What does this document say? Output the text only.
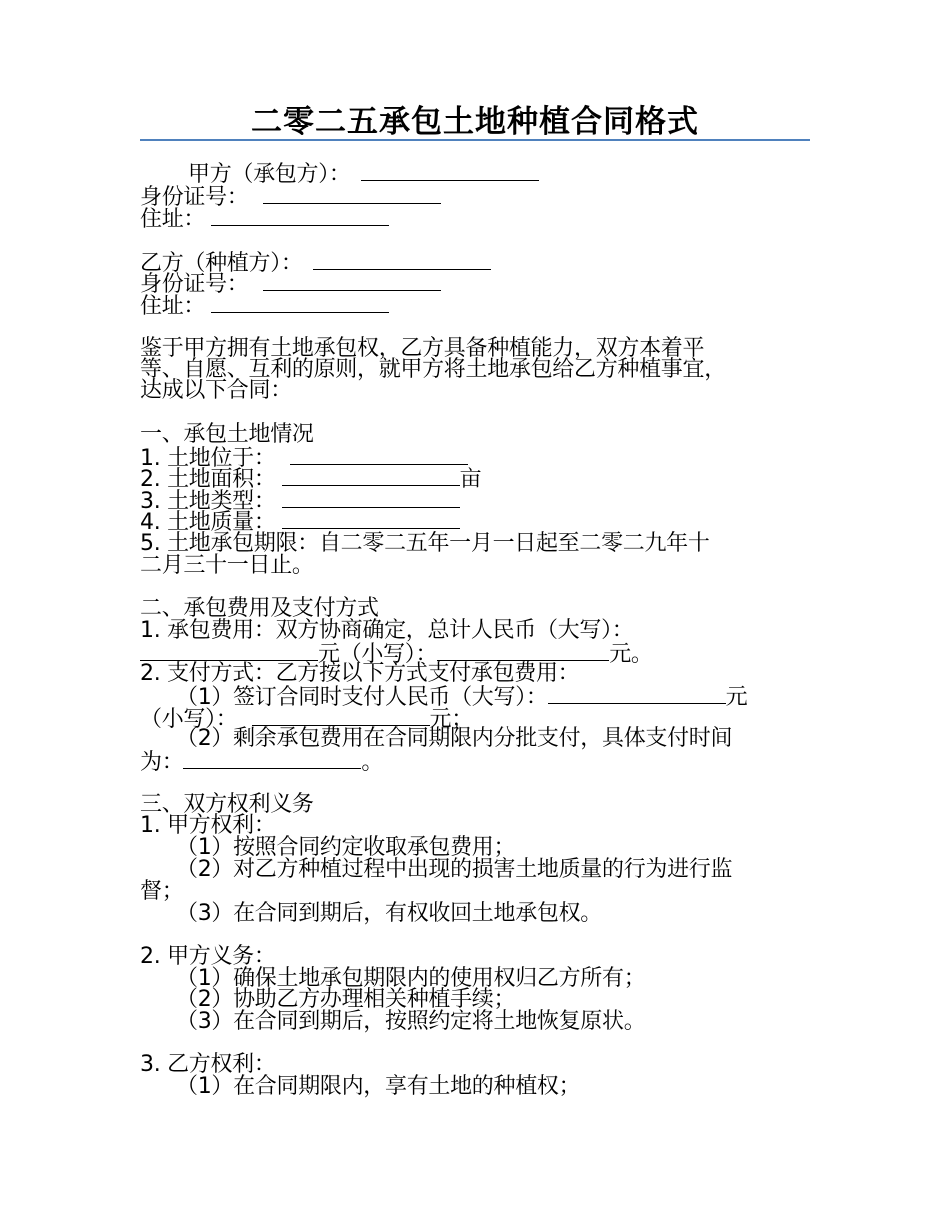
二零二五承包土地种植合同格式
甲方（承包方）：
身份证号：
住址：
乙方（种植方）：
身份证号：
住址：
鉴于甲方拥有土地承包权，乙方具备种植能力，双方本着平
等、自愿、互利的原则，就甲方将土地承包给乙方种植事宜，
达成以下合同：
一、承包土地情况
1. 土地位于：
2. 土地面积：	亩
3. 土地类型：
4. 土地质量：
5. 土地承包期限：自二零二五年一月一日起至二零二九年十
二月三十一日止。
二、承包费用及支付方式
1. 承包费用：双方协商确定，总计人民币（大写）：
元（小写）：	元。
2. 支付方式：乙方按以下方式支付承包费用：
（1）签订合同时支付人民币（大写）：	元
（小写）：	元；
（2）剩余承包费用在合同期限内分批支付，具体支付时间
为：	。
三、双方权利义务
1. 甲方权利：
（1）按照合同约定收取承包费用；
（2）对乙方种植过程中出现的损害土地质量的行为进行监
督；
（3）在合同到期后，有权收回土地承包权。
2. 甲方义务：
（1）确保土地承包期限内的使用权归乙方所有；
（2）协助乙方办理相关种植手续；
（3）在合同到期后，按照约定将土地恢复原状。
3. 乙方权利：
（1）在合同期限内，享有土地的种植权；
